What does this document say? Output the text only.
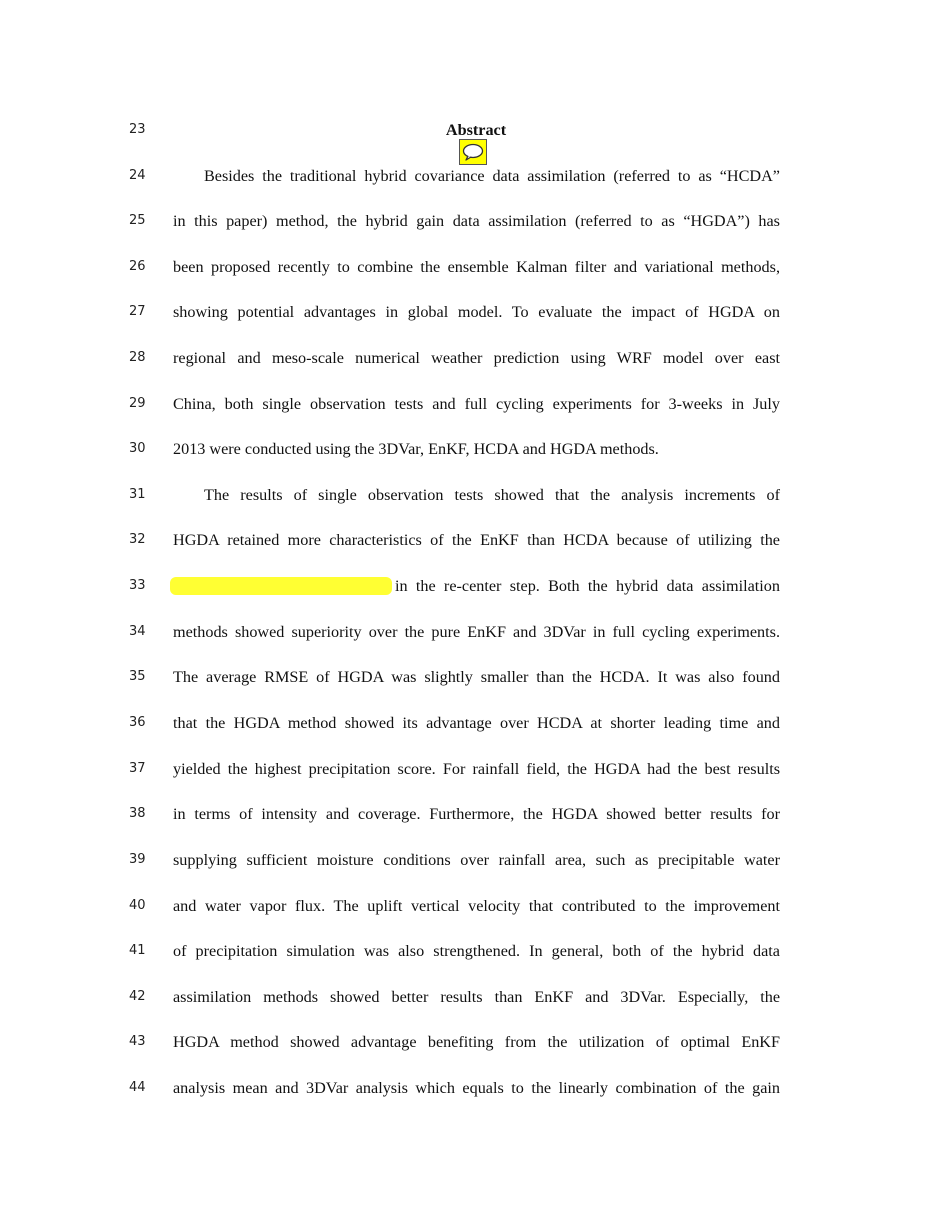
23	Abstract
24	Besides the traditional hybrid covariance data assimilation (referred to as “HCDA”
25 in this paper) method, the hybrid gain data assimilation (referred to as “HGDA”) has
26 been proposed recently to combine the ensemble Kalman filter and variational methods,
27 showing potential advantages in global model. To evaluate the impact of HGDA on
28 regional and meso-scale numerical weather prediction using WRF model over east
29 China, both single observation tests and full cycling experiments for 3-weeks in July
30 2013 were conducted using the 3DVar, EnKF, HCDA and HGDA methods.
31	The results of single observation tests showed that the analysis increments of
32 HGDA retained more characteristics of the EnKF than HCDA because of utilizing the
33	in the re-center step. Both the hybrid data assimilation
34 methods showed superiority over the pure EnKF and 3DVar in full cycling experiments.
35 The average RMSE of HGDA was slightly smaller than the HCDA. It was also found
36 that the HGDA method showed its advantage over HCDA at shorter leading time and
37 yielded the highest precipitation score. For rainfall field, the HGDA had the best results
38 in terms of intensity and coverage. Furthermore, the HGDA showed better results for
39 supplying sufficient moisture conditions over rainfall area, such as precipitable water
40 and water vapor flux. The uplift vertical velocity that contributed to the improvement
41 of precipitation simulation was also strengthened. In general, both of the hybrid data
42 assimilation methods showed better results than EnKF and 3DVar. Especially, the
43 HGDA method showed advantage benefiting from the utilization of optimal EnKF
44 analysis mean and 3DVar analysis which equals to the linearly combination of the gain
